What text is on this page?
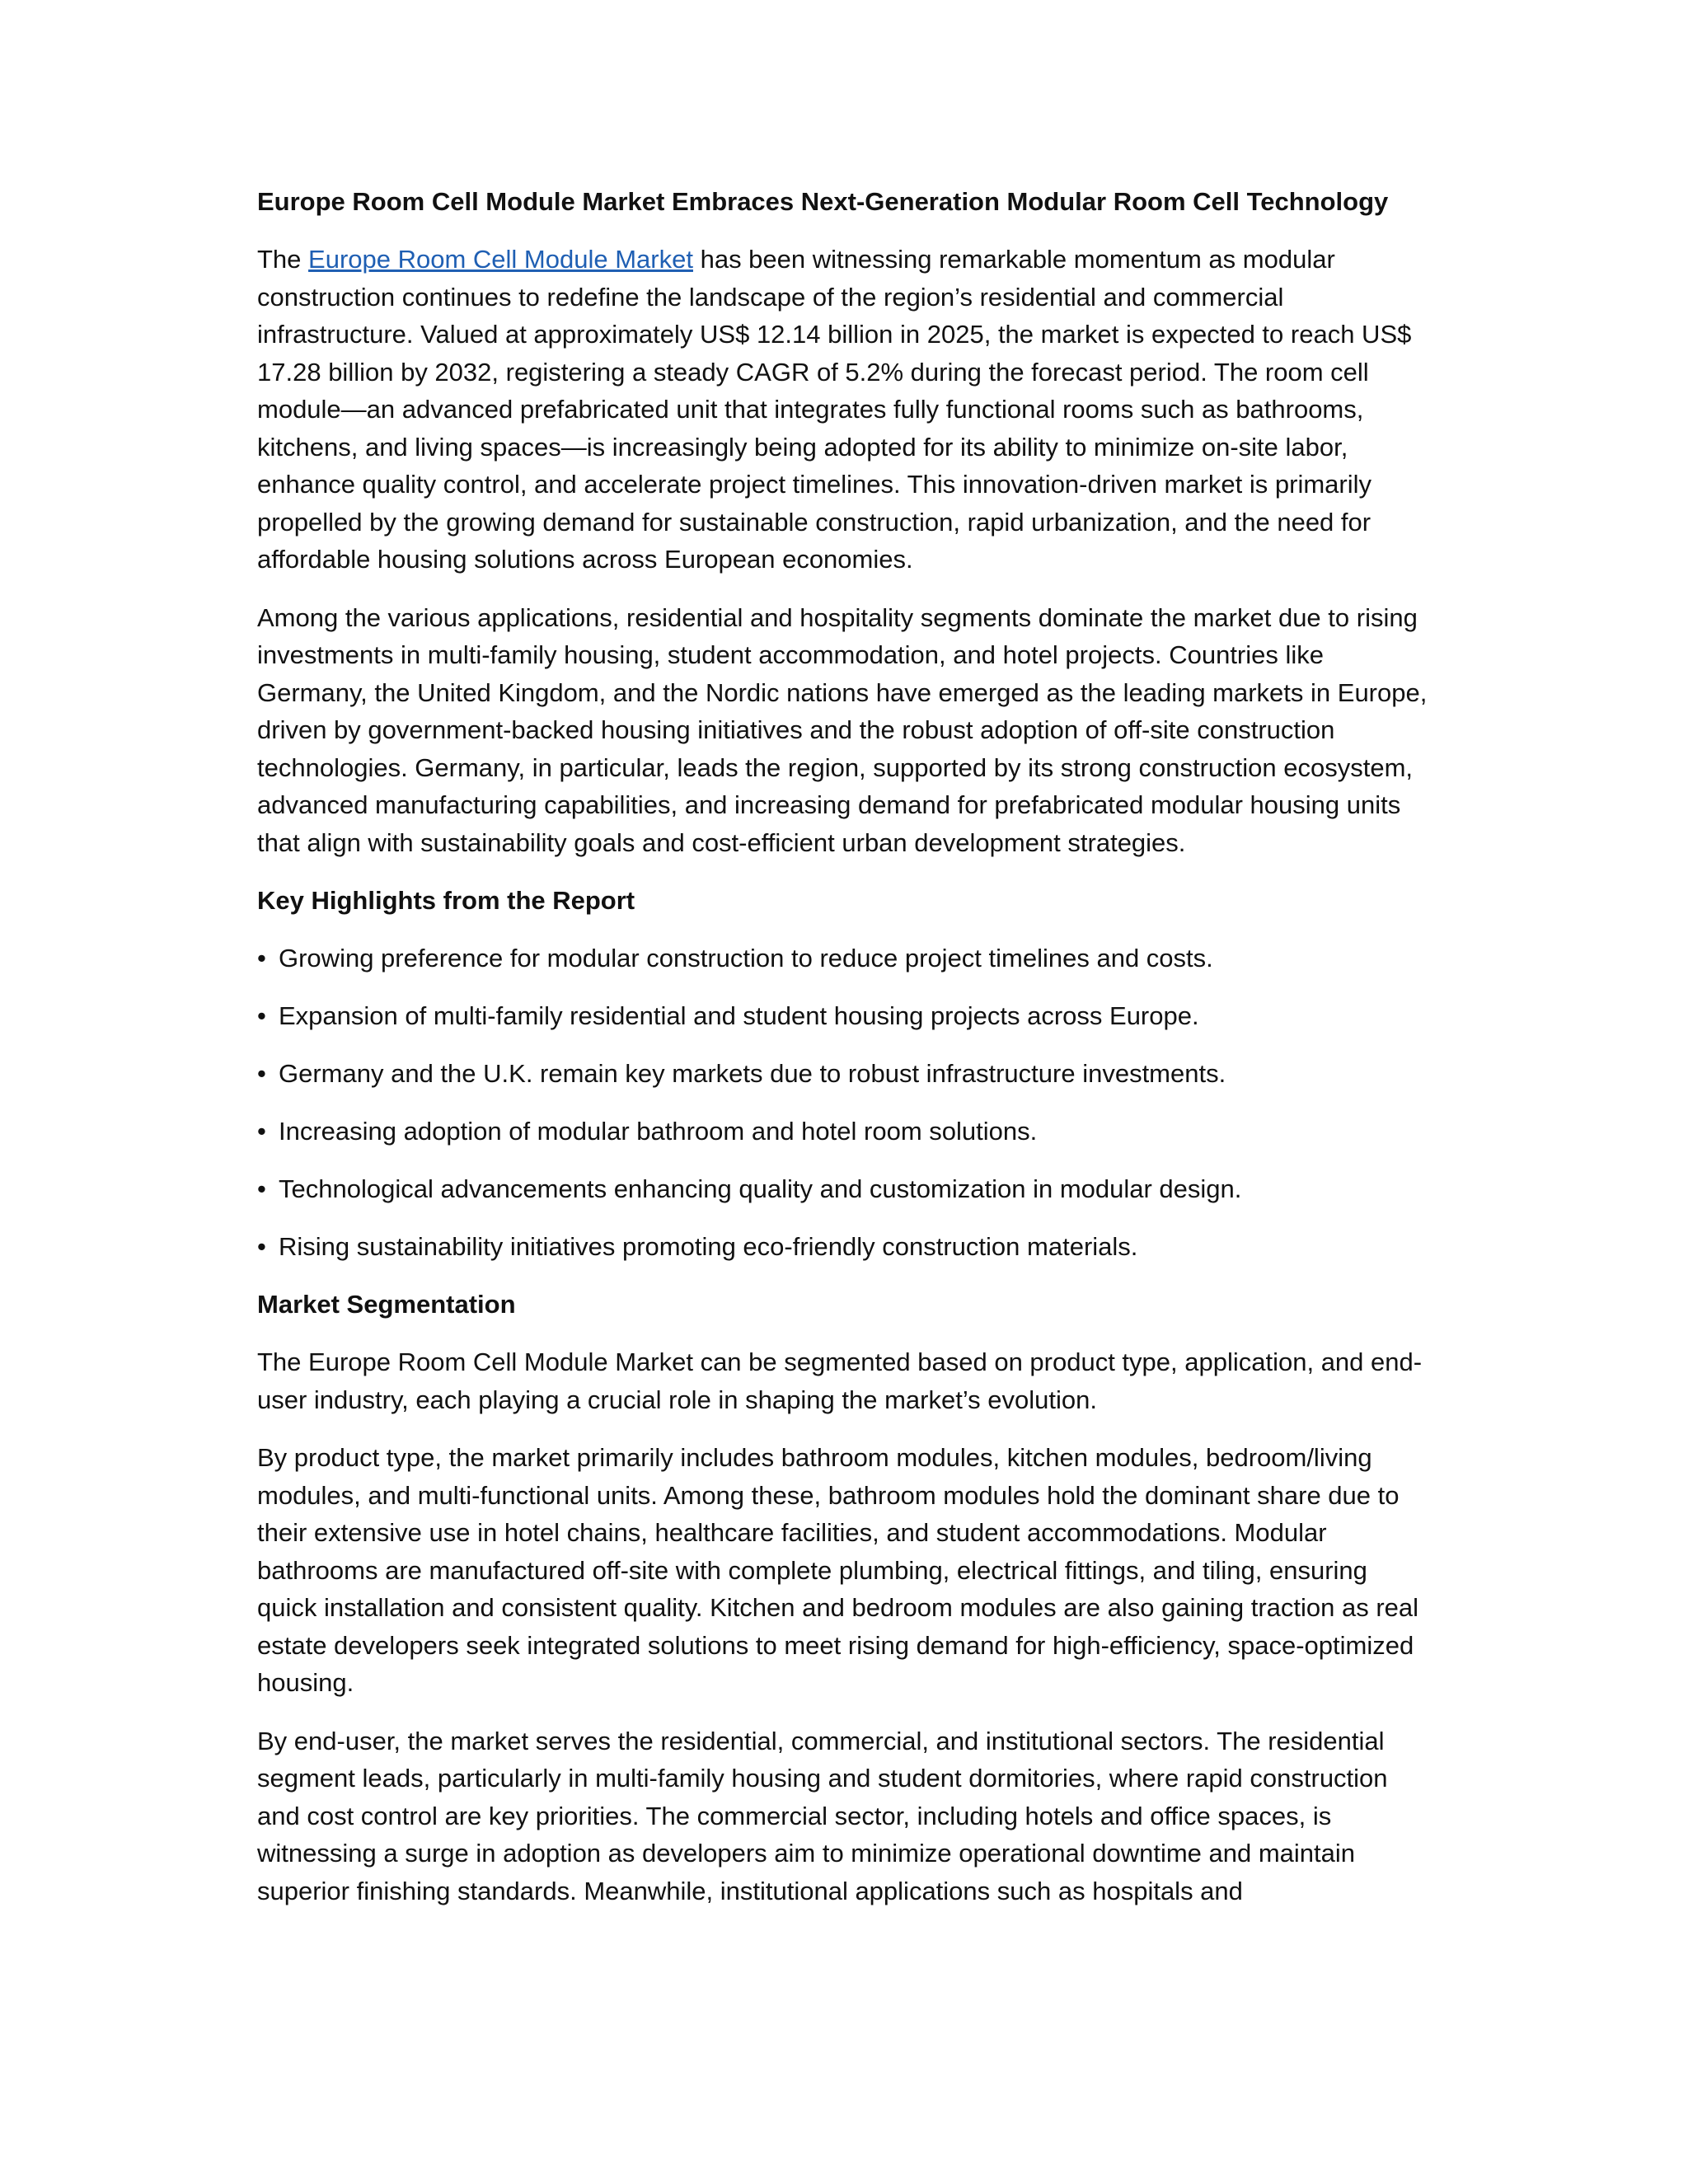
Europe Room Cell Module Market Embraces Next-Generation Modular Room Cell Technology

The Europe Room Cell Module Market has been witnessing remarkable momentum as modular construction continues to redefine the landscape of the region’s residential and commercial infrastructure. Valued at approximately US$ 12.14 billion in 2025, the market is expected to reach US$ 17.28 billion by 2032, registering a steady CAGR of 5.2% during the forecast period. The room cell module—an advanced prefabricated unit that integrates fully functional rooms such as bathrooms, kitchens, and living spaces—is increasingly being adopted for its ability to minimize on-site labor, enhance quality control, and accelerate project timelines. This innovation-driven market is primarily propelled by the growing demand for sustainable construction, rapid urbanization, and the need for affordable housing solutions across European economies.

Among the various applications, residential and hospitality segments dominate the market due to rising investments in multi-family housing, student accommodation, and hotel projects. Countries like Germany, the United Kingdom, and the Nordic nations have emerged as the leading markets in Europe, driven by government-backed housing initiatives and the robust adoption of off-site construction technologies. Germany, in particular, leads the region, supported by its strong construction ecosystem, advanced manufacturing capabilities, and increasing demand for prefabricated modular housing units that align with sustainability goals and cost-efficient urban development strategies.

Key Highlights from the Report
• Growing preference for modular construction to reduce project timelines and costs.
• Expansion of multi-family residential and student housing projects across Europe.
• Germany and the U.K. remain key markets due to robust infrastructure investments.
• Increasing adoption of modular bathroom and hotel room solutions.
• Technological advancements enhancing quality and customization in modular design.
• Rising sustainability initiatives promoting eco-friendly construction materials.
Market Segmentation

The Europe Room Cell Module Market can be segmented based on product type, application, and end-user industry, each playing a crucial role in shaping the market’s evolution.

By product type, the market primarily includes bathroom modules, kitchen modules, bedroom/living modules, and multi-functional units. Among these, bathroom modules hold the dominant share due to their extensive use in hotel chains, healthcare facilities, and student accommodations. Modular bathrooms are manufactured off-site with complete plumbing, electrical fittings, and tiling, ensuring quick installation and consistent quality. Kitchen and bedroom modules are also gaining traction as real estate developers seek integrated solutions to meet rising demand for high-efficiency, space-optimized housing.

By end-user, the market serves the residential, commercial, and institutional sectors. The residential segment leads, particularly in multi-family housing and student dormitories, where rapid construction and cost control are key priorities. The commercial sector, including hotels and office spaces, is witnessing a surge in adoption as developers aim to minimize operational downtime and maintain superior finishing standards. Meanwhile, institutional applications such as hospitals and
